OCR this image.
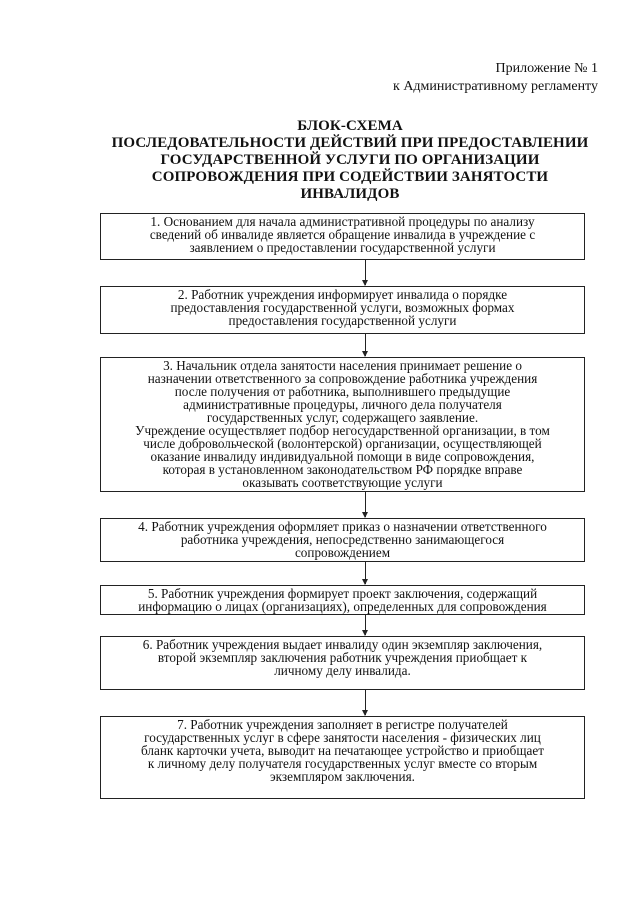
Приложение № 1
к Административному регламенту
БЛОК-СХЕМА
ПОСЛЕДОВАТЕЛЬНОСТИ ДЕЙСТВИЙ ПРИ ПРЕДОСТАВЛЕНИИ
ГОСУДАРСТВЕННОЙ УСЛУГИ ПО ОРГАНИЗАЦИИ
СОПРОВОЖДЕНИЯ ПРИ СОДЕЙСТВИИ ЗАНЯТОСТИ
ИНВАЛИДОВ
1. Основанием для начала административной процедуры по анализу
сведений об инвалиде является обращение инвалида в учреждение с
заявлением о предоставлении государственной услуги
2. Работник учреждения информирует инвалида о порядке
предоставления государственной услуги, возможных формах
предоставления государственной услуги
3. Начальник отдела занятости населения принимает решение о
назначении ответственного за сопровождение работника учреждения
после получения от работника, выполнившего предыдущие
административные процедуры, личного дела получателя
государственных услуг, содержащего заявление.
Учреждение осуществляет подбор негосударственной организации, в том
числе добровольческой (волонтерской) организации, осуществляющей
оказание инвалиду индивидуальной помощи в виде сопровождения,
которая в установленном законодательством РФ порядке вправе
оказывать соответствующие услуги
4. Работник учреждения оформляет приказ о назначении ответственного
работника учреждения, непосредственно занимающегося
сопровождением
5. Работник учреждения формирует проект заключения, содержащий
информацию о лицах (организациях), определенных для сопровождения
6. Работник учреждения выдает инвалиду один экземпляр заключения,
второй экземпляр заключения работник учреждения приобщает к
личному делу инвалида.
7. Работник учреждения заполняет в регистре получателей
государственных услуг в сфере занятости населения - физических лиц
бланк карточки учета, выводит на печатающее устройство и приобщает
к личному делу получателя государственных услуг вместе со вторым
экземпляром заключения.
